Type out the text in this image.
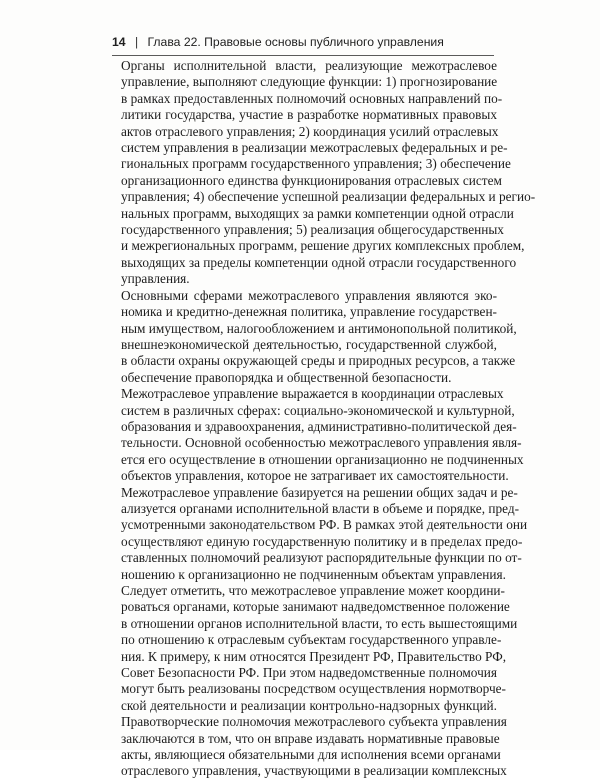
14 | Глава 22. Правовые основы публичного управления
Органы исполнительной власти, реализующие межотраслевое
управление, выполняют следующие функции: 1) прогнозирование
в рамках предоставленных полномочий основных направлений по-
литики государства, участие в разработке нормативных правовых
актов отраслевого управления; 2) координация усилий отраслевых
систем управления в реализации межотраслевых федеральных и ре-
гиональных программ государственного управления; 3) обеспечение
организационного единства функционирования отраслевых систем
управления; 4) обеспечение успешной реализации федеральных и регио-
нальных программ, выходящих за рамки компетенции одной отрасли
государственного управления; 5) реализация общегосударственных
и межрегиональных программ, решение других комплексных проблем,
выходящих за пределы компетенции одной отрасли государственного
управления.
Основными сферами межотраслевого управления являются эко-
номика и кредитно-денежная политика, управление государствен-
ным имуществом, налогообложением и антимонопольной политикой,
внешнеэкономической деятельностью, государственной службой,
в области охраны окружающей среды и природных ресурсов, а также
обеспечение правопорядка и общественной безопасности.
Межотраслевое управление выражается в координации отраслевых
систем в различных сферах: социально-экономической и культурной,
образования и здравоохранения, административно-политической дея-
тельности. Основной особенностью межотраслевого управления явля-
ется его осуществление в отношении организационно не подчиненных
объектов управления, которое не затрагивает их самостоятельности.
Межотраслевое управление базируется на решении общих задач и ре-
ализуется органами исполнительной власти в объеме и порядке, пред-
усмотренными законодательством РФ. В рамках этой деятельности они
осуществляют единую государственную политику и в пределах предо-
ставленных полномочий реализуют распорядительные функции по от-
ношению к организационно не подчиненным объектам управления.
Следует отметить, что межотраслевое управление может координи-
роваться органами, которые занимают надведомственное положение
в отношении органов исполнительной власти, то есть вышестоящими
по отношению к отраслевым субъектам государственного управле-
ния. К примеру, к ним относятся Президент РФ, Правительство РФ,
Совет Безопасности РФ. При этом надведомственные полномочия
могут быть реализованы посредством осуществления нормотворче-
ской деятельности и реализации контрольно-надзорных функций.
Правотворческие полномочия межотраслевого субъекта управления
заключаются в том, что он вправе издавать нормативные правовые
акты, являющиеся обязательными для исполнения всеми органами
отраслевого управления, участвующими в реализации комплексных
